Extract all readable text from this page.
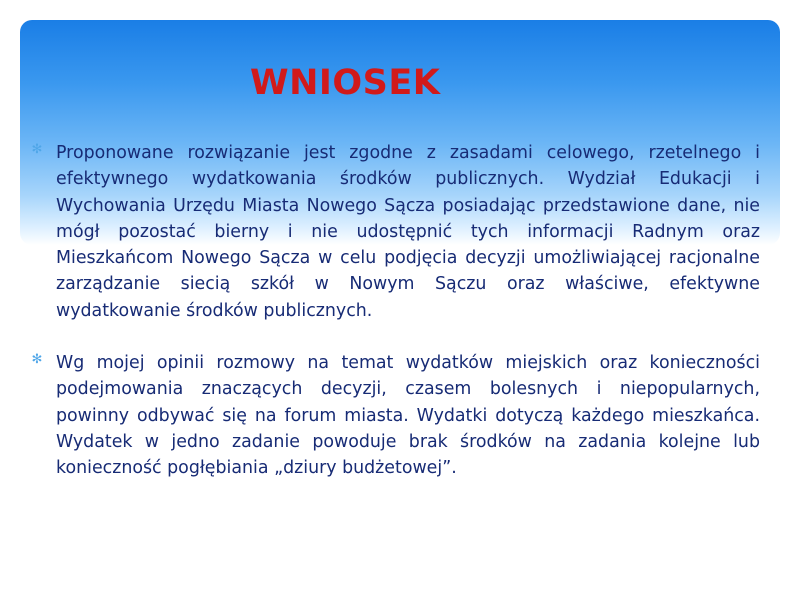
WNIOSEK
✻ Proponowane rozwiązanie jest zgodne z zasadami celowego, rzetelnego i efektywnego wydatkowania środków publicznych. Wydział Edukacji i Wychowania Urzędu Miasta Nowego Sącza posiadając przedstawione dane, nie mógł pozostać bierny i nie udostępnić tych informacji Radnym oraz Mieszkańcom Nowego Sącza w celu podjęcia decyzji umożliwiającej racjonalne zarządzanie siecią szkół w Nowym Sączu oraz właściwe, efektywne wydatkowanie środków publicznych.
✻ Wg mojej opinii rozmowy na temat wydatków miejskich oraz konieczności podejmowania znaczących decyzji, czasem bolesnych i niepopularnych, powinny odbywać się na forum miasta. Wydatki dotyczą każdego mieszkańca. Wydatek w jedno zadanie powoduje brak środków na zadania kolejne lub konieczność pogłębiania „dziury budżetowej”.
